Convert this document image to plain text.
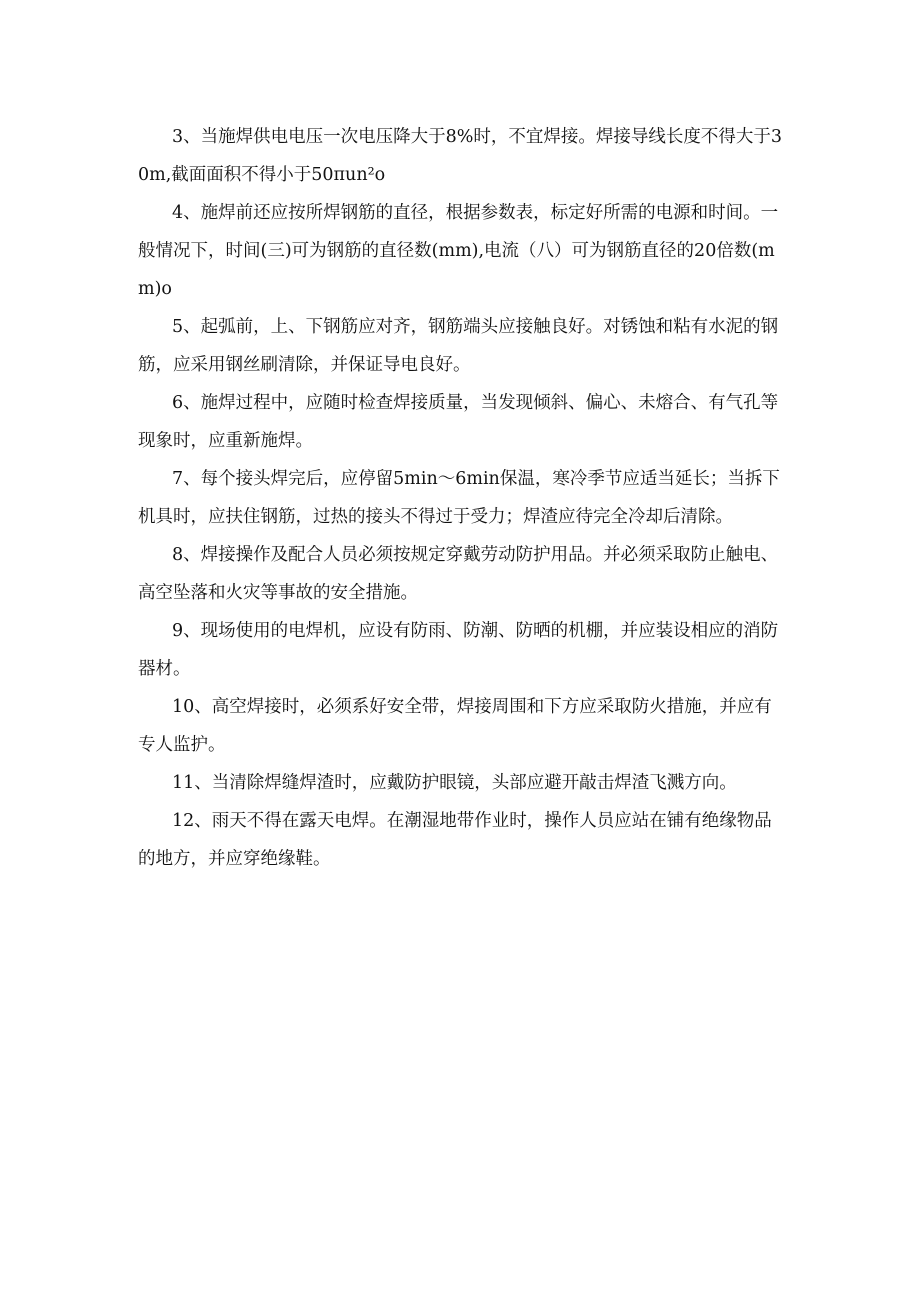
3、当施焊供电电压一次电压降大于8%时，不宜焊接。焊接导线长度不得大于30m,截面面积不得小于50πun²o

4、施焊前还应按所焊钢筋的直径，根据参数表，标定好所需的电源和时间。一般情况下，时间(三)可为钢筋的直径数(mm),电流（八）可为钢筋直径的20倍数(mm)o

5、起弧前，上、下钢筋应对齐，钢筋端头应接触良好。对锈蚀和粘有水泥的钢筋，应采用钢丝刷清除，并保证导电良好。

6、施焊过程中，应随时检查焊接质量，当发现倾斜、偏心、未熔合、有气孔等现象时，应重新施焊。

7、每个接头焊完后，应停留5min～6min保温，寒冷季节应适当延长；当拆下机具时，应扶住钢筋，过热的接头不得过于受力；焊渣应待完全冷却后清除。

8、焊接操作及配合人员必须按规定穿戴劳动防护用品。并必须采取防止触电、高空坠落和火灾等事故的安全措施。

9、现场使用的电焊机，应设有防雨、防潮、防晒的机棚，并应装设相应的消防器材。

10、高空焊接时，必须系好安全带，焊接周围和下方应采取防火措施，并应有专人监护。

11、当清除焊缝焊渣时，应戴防护眼镜，头部应避开敲击焊渣飞溅方向。

12、雨天不得在露天电焊。在潮湿地带作业时，操作人员应站在铺有绝缘物品的地方，并应穿绝缘鞋。
